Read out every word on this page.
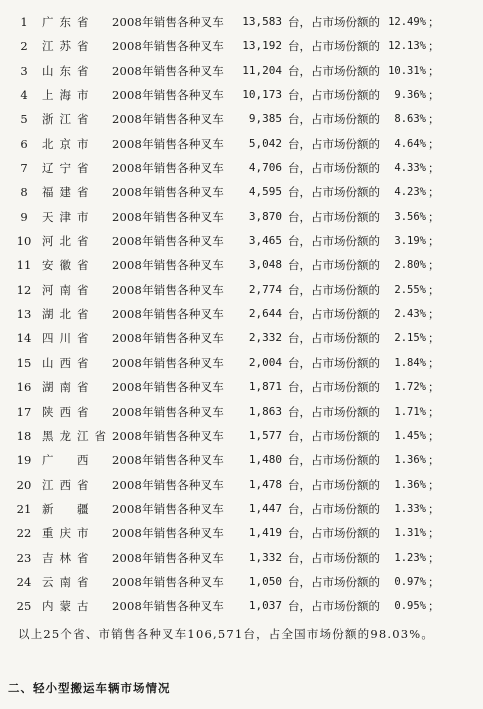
1	广东省	2008年销售各种叉车	13,583 台， 占市场份额的 12.49% ；
2	江苏省	2008年销售各种叉车	13,192 台， 占市场份额的 12.13% ；
3	山东省	2008年销售各种叉车	11,204 台， 占市场份额的 10.31% ；
4	上海市	2008年销售各种叉车	10,173 台， 占市场份额的	9.36% ；
5	浙江省	2008年销售各种叉车	9,385 台， 占市场份额的	8.63% ；
6	北京市	2008年销售各种叉车	5,042 台， 占市场份额的	4.64% ；
7	辽宁省	2008年销售各种叉车	4,706 台， 占市场份额的	4.33% ；
8	福建省	2008年销售各种叉车	4,595 台， 占市场份额的	4.23% ；
9	天津市	2008年销售各种叉车	3,870 台， 占市场份额的	3.56% ；
10 河北省	2008年销售各种叉车	3,465 台， 占市场份额的	3.19% ；
11 安徽省	2008年销售各种叉车	3,048 台， 占市场份额的	2.80% ；
12 河南省	2008年销售各种叉车	2,774 台， 占市场份额的	2.55% ；
13 湖北省	2008年销售各种叉车	2,644 台， 占市场份额的	2.43% ；
14 四川省	2008年销售各种叉车	2,332 台， 占市场份额的	2.15% ；
15 山西省	2008年销售各种叉车	2,004 台， 占市场份额的	1.84% ；
16 湖南省	2008年销售各种叉车	1,871 台， 占市场份额的	1.72% ；
17 陕西省	2008年销售各种叉车	1,863 台， 占市场份额的	1.71% ；
18 黑龙江省 2008年销售各种叉车	1,577 台， 占市场份额的	1.45% ；
19 广　西	2008年销售各种叉车	1,480 台， 占市场份额的	1.36% ；
20 江西省	2008年销售各种叉车	1,478 台， 占市场份额的	1.36% ；
21 新　疆	2008年销售各种叉车	1,447 台， 占市场份额的	1.33% ；
22 重庆市	2008年销售各种叉车	1,419 台， 占市场份额的	1.31% ；
23 吉林省	2008年销售各种叉车	1,332 台， 占市场份额的	1.23% ；
24 云南省	2008年销售各种叉车	1,050 台， 占市场份额的	0.97% ；
25 内蒙古	2008年销售各种叉车	1,037 台， 占市场份额的	0.95% ；
以上25个省、市销售各种叉车106,571台，占全国市场份额的98.03%。
二、轻小型搬运车辆市场情况
